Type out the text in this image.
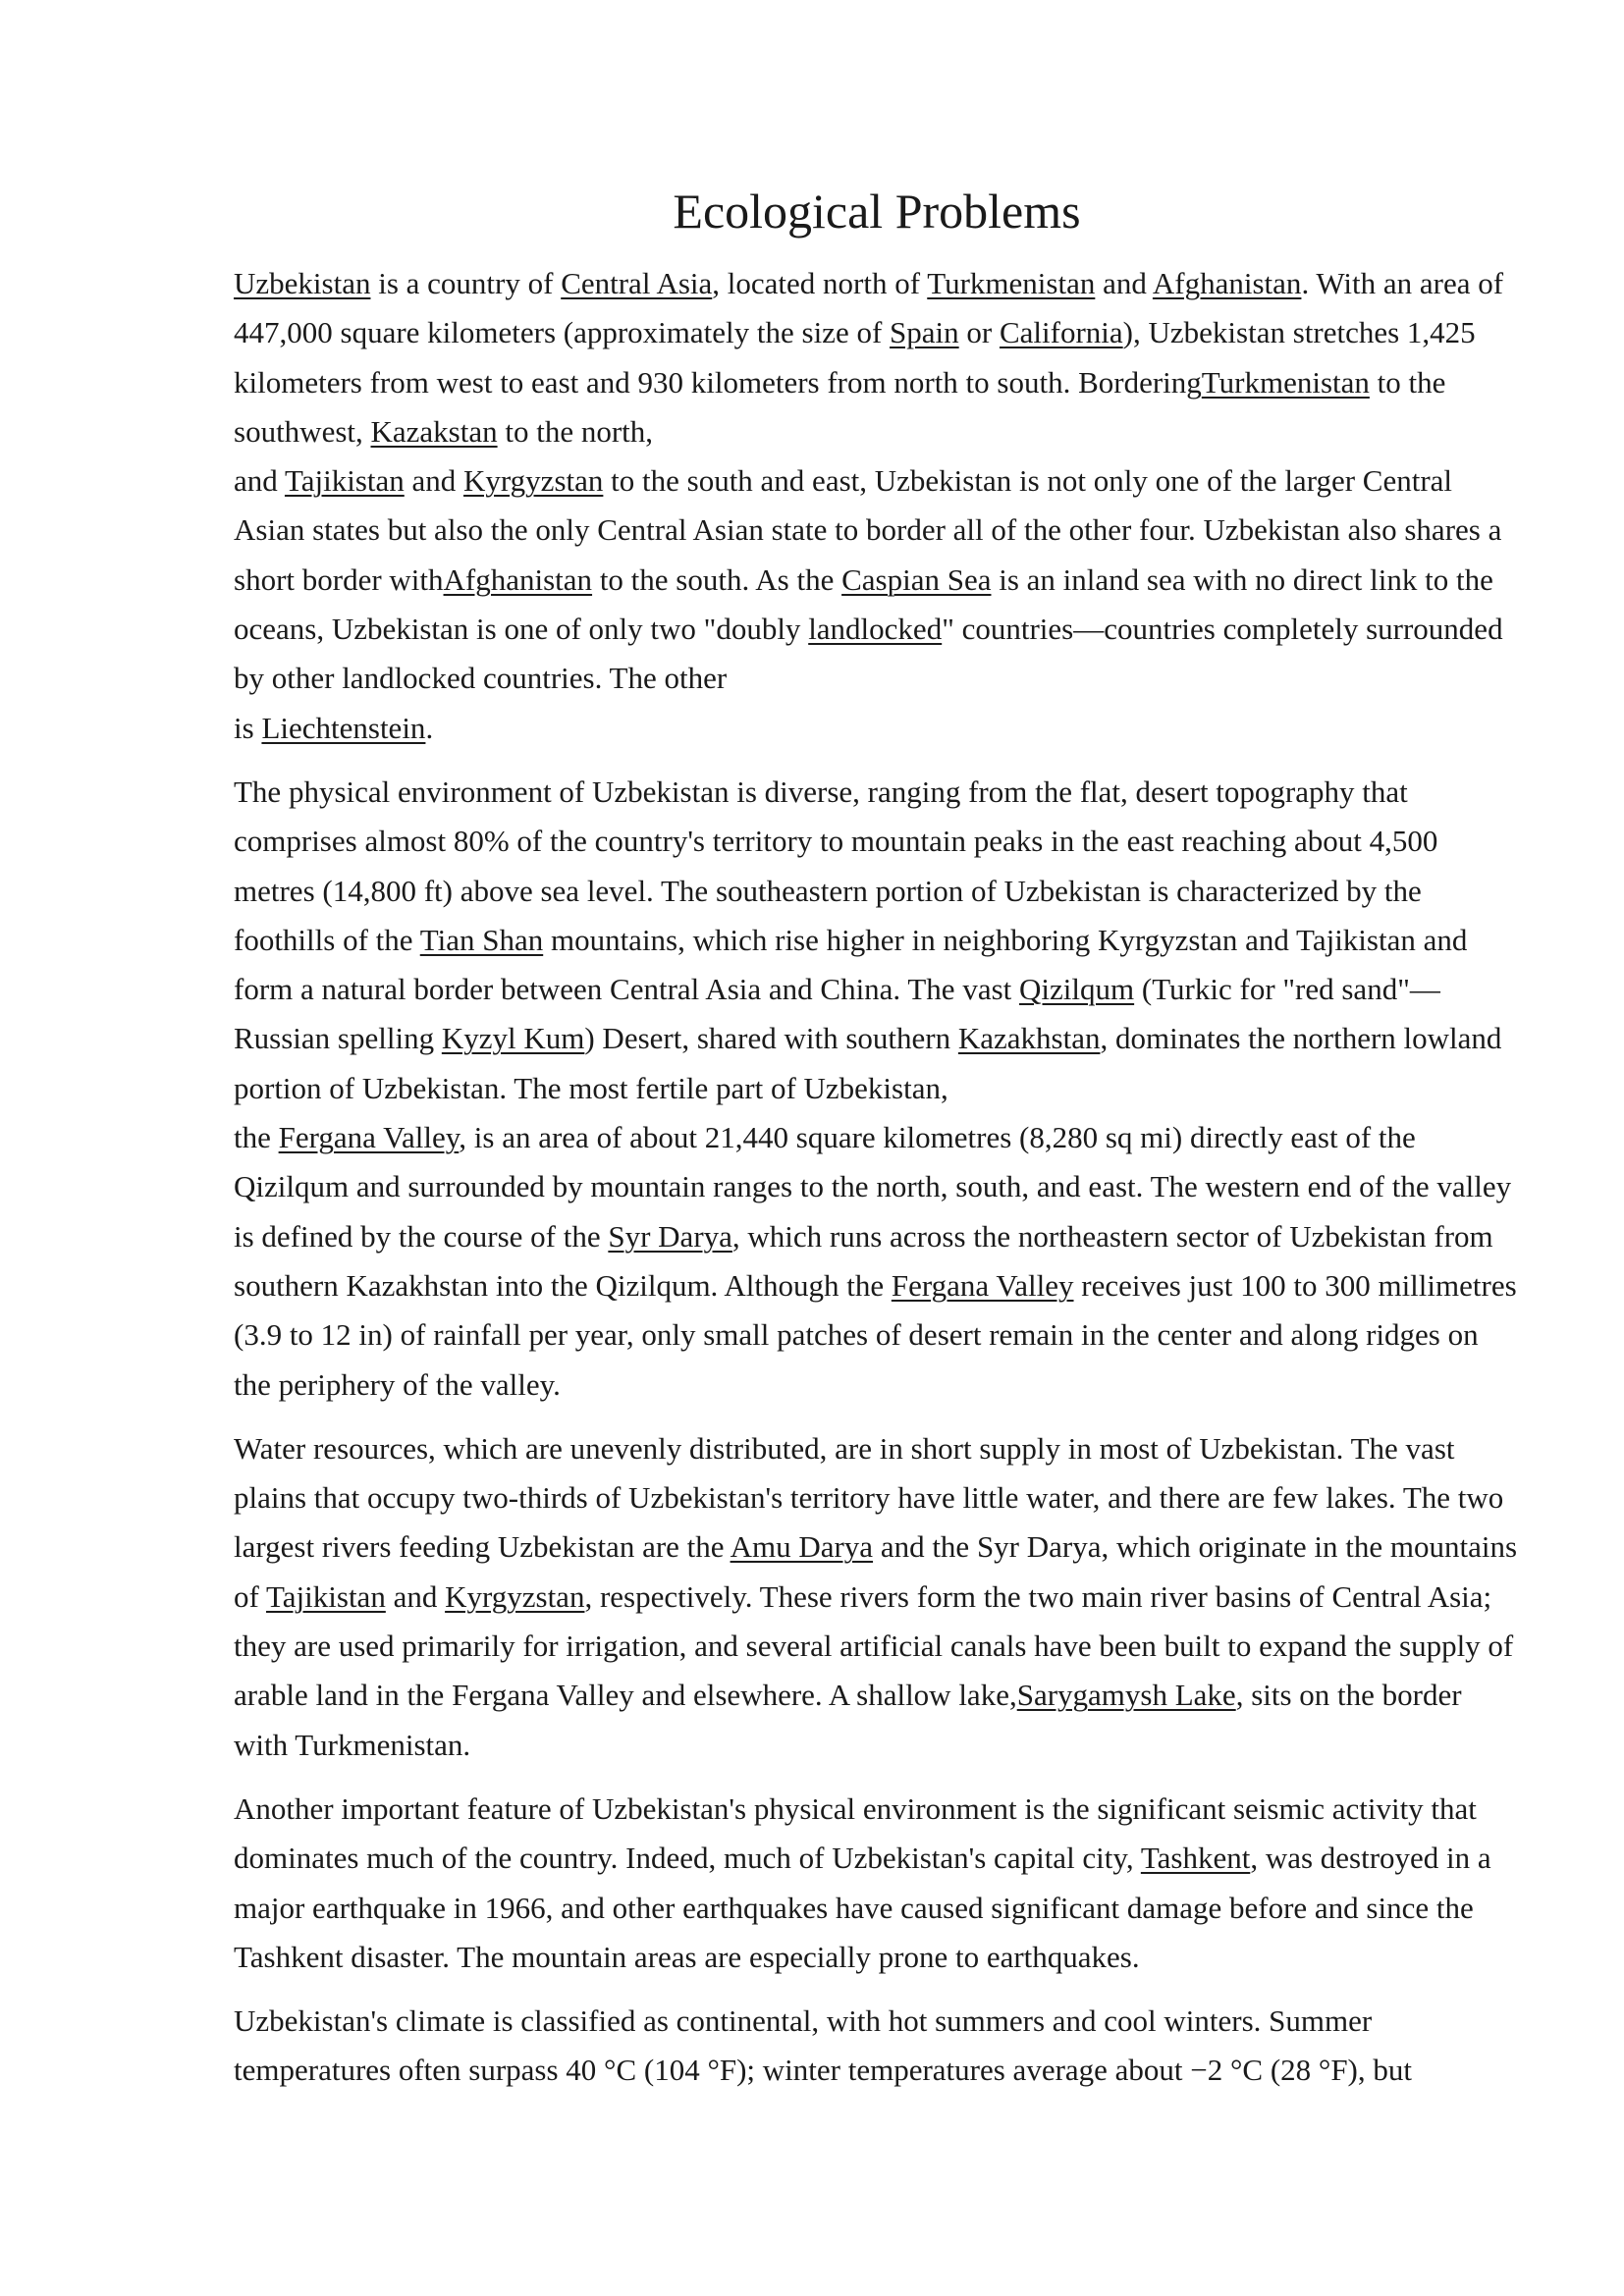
Ecological Problems

Uzbekistan is a country of Central Asia, located north of Turkmenistan and Afghanistan. With an area of 447,000 square kilometers (approximately the size of Spain or California), Uzbekistan stretches 1,425 kilometers from west to east and 930 kilometers from north to south. BorderingTurkmenistan to the southwest, Kazakstan to the north,
and Tajikistan and Kyrgyzstan to the south and east, Uzbekistan is not only one of the larger Central Asian states but also the only Central Asian state to border all of the other four. Uzbekistan also shares a short border withAfghanistan to the south. As the Caspian Sea is an inland sea with no direct link to the oceans, Uzbekistan is one of only two "doubly landlocked" countries—countries completely surrounded by other landlocked countries. The other
is Liechtenstein.

The physical environment of Uzbekistan is diverse, ranging from the flat, desert topography that comprises almost 80% of the country's territory to mountain peaks in the east reaching about 4,500 metres (14,800 ft) above sea level. The southeastern portion of Uzbekistan is characterized by the foothills of the Tian Shan mountains, which rise higher in neighboring Kyrgyzstan and Tajikistan and form a natural border between Central Asia and China. The vast Qizilqum (Turkic for "red sand"—Russian spelling Kyzyl Kum) Desert, shared with southern Kazakhstan, dominates the northern lowland portion of Uzbekistan. The most fertile part of Uzbekistan,
the Fergana Valley, is an area of about 21,440 square kilometres (8,280 sq mi) directly east of the Qizilqum and surrounded by mountain ranges to the north, south, and east. The western end of the valley is defined by the course of the Syr Darya, which runs across the northeastern sector of Uzbekistan from southern Kazakhstan into the Qizilqum. Although the Fergana Valley receives just 100 to 300 millimetres (3.9 to 12 in) of rainfall per year, only small patches of desert remain in the center and along ridges on the periphery of the valley.

Water resources, which are unevenly distributed, are in short supply in most of Uzbekistan. The vast plains that occupy two-thirds of Uzbekistan's territory have little water, and there are few lakes. The two largest rivers feeding Uzbekistan are the Amu Darya and the Syr Darya, which originate in the mountains of Tajikistan and Kyrgyzstan, respectively. These rivers form the two main river basins of Central Asia; they are used primarily for irrigation, and several artificial canals have been built to expand the supply of arable land in the Fergana Valley and elsewhere. A shallow lake,Sarygamysh Lake, sits on the border with Turkmenistan.

Another important feature of Uzbekistan's physical environment is the significant seismic activity that dominates much of the country. Indeed, much of Uzbekistan's capital city, Tashkent, was destroyed in a major earthquake in 1966, and other earthquakes have caused significant damage before and since the Tashkent disaster. The mountain areas are especially prone to earthquakes.

Uzbekistan's climate is classified as continental, with hot summers and cool winters. Summer temperatures often surpass 40 °C (104 °F); winter temperatures average about −2 °C (28 °F), but
